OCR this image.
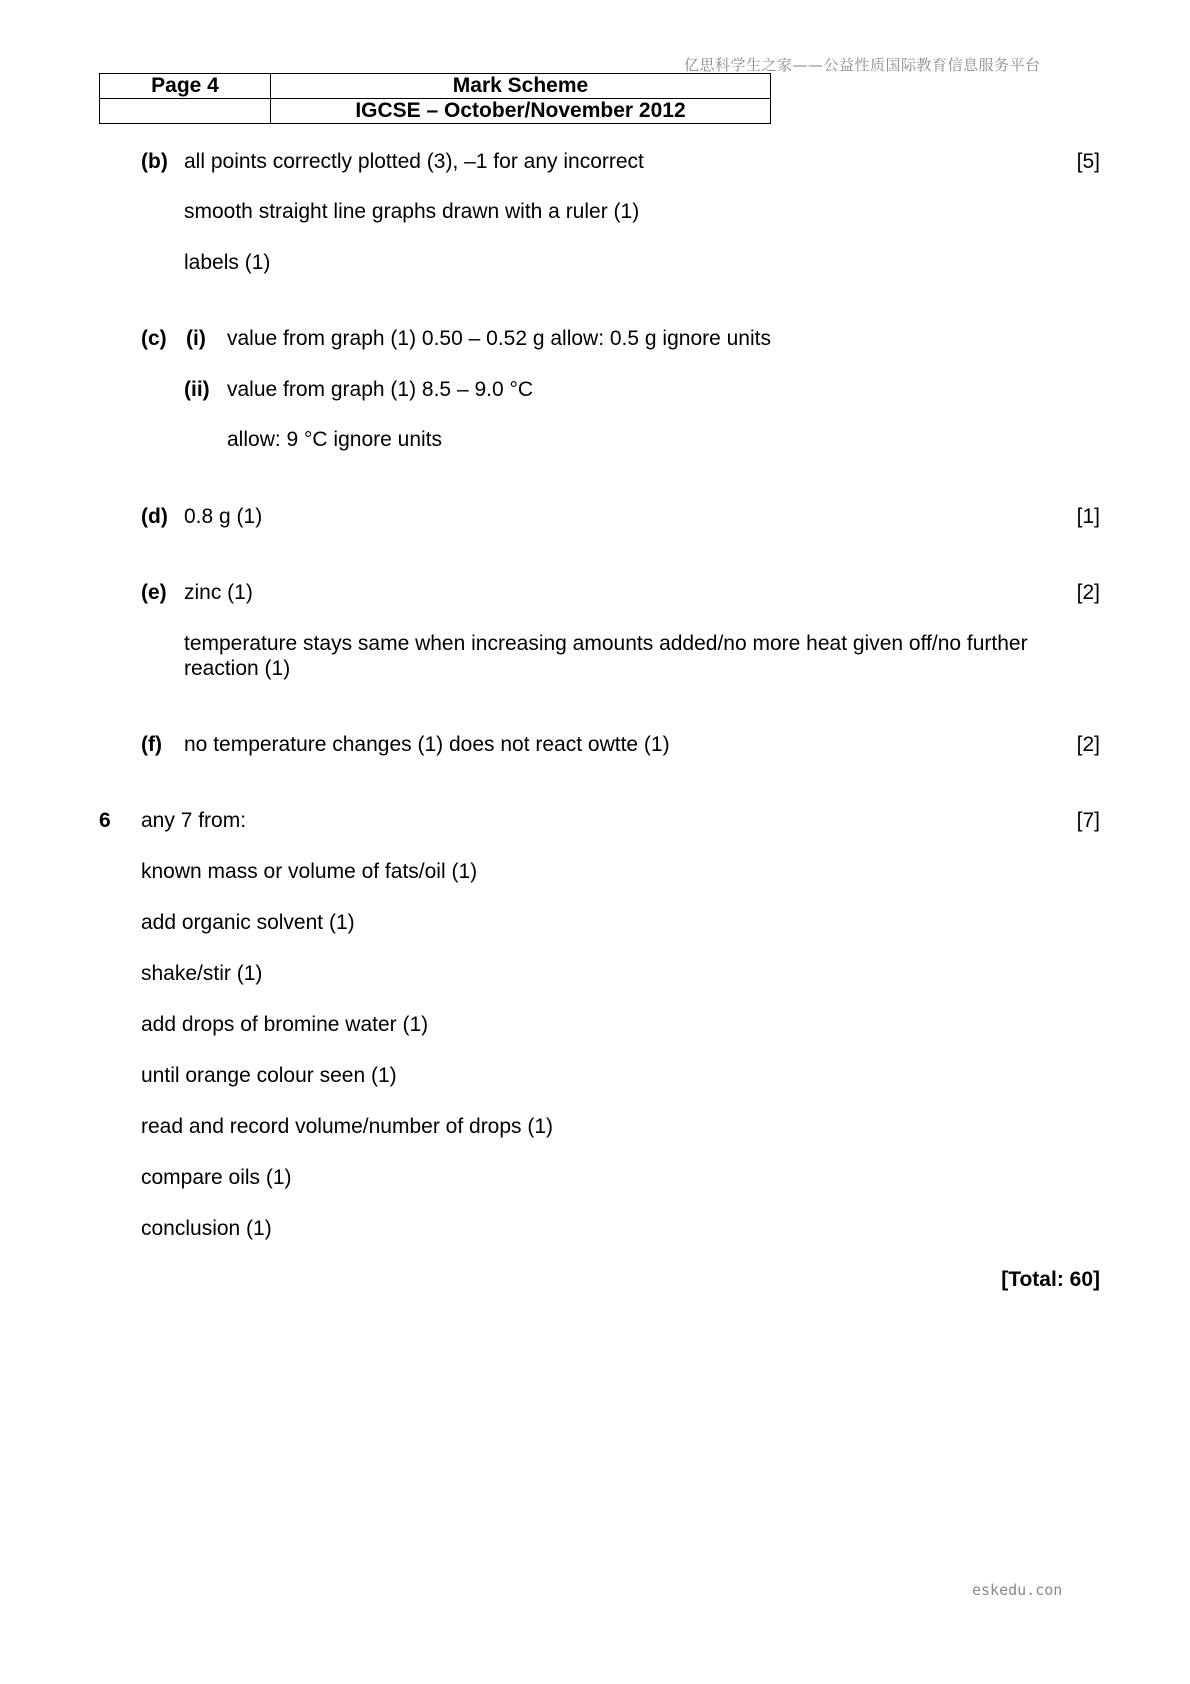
亿思科学生之家——公益性质国际教育信息服务平台
Page 4	Mark Scheme
	IGCSE – October/November 2012
(b) all points correctly plotted (3), –1 for any incorrect	[5]
smooth straight line graphs drawn with a ruler (1)
labels (1)
(c) (i) value from graph (1) 0.50 – 0.52 g allow: 0.5 g ignore units
(ii) value from graph (1) 8.5 – 9.0 °C
allow: 9 °C ignore units
(d) 0.8 g (1)	[1]
(e) zinc (1)	[2]
temperature stays same when increasing amounts added/no more heat given off/no further
reaction (1)
(f) no temperature changes (1) does not react owtte (1)	[2]
6 any 7 from:	[7]
known mass or volume of fats/oil (1)
add organic solvent (1)
shake/stir (1)
add drops of bromine water (1)
until orange colour seen (1)
read and record volume/number of drops (1)
compare oils (1)
conclusion (1)
[Total: 60]
eskedu.con
